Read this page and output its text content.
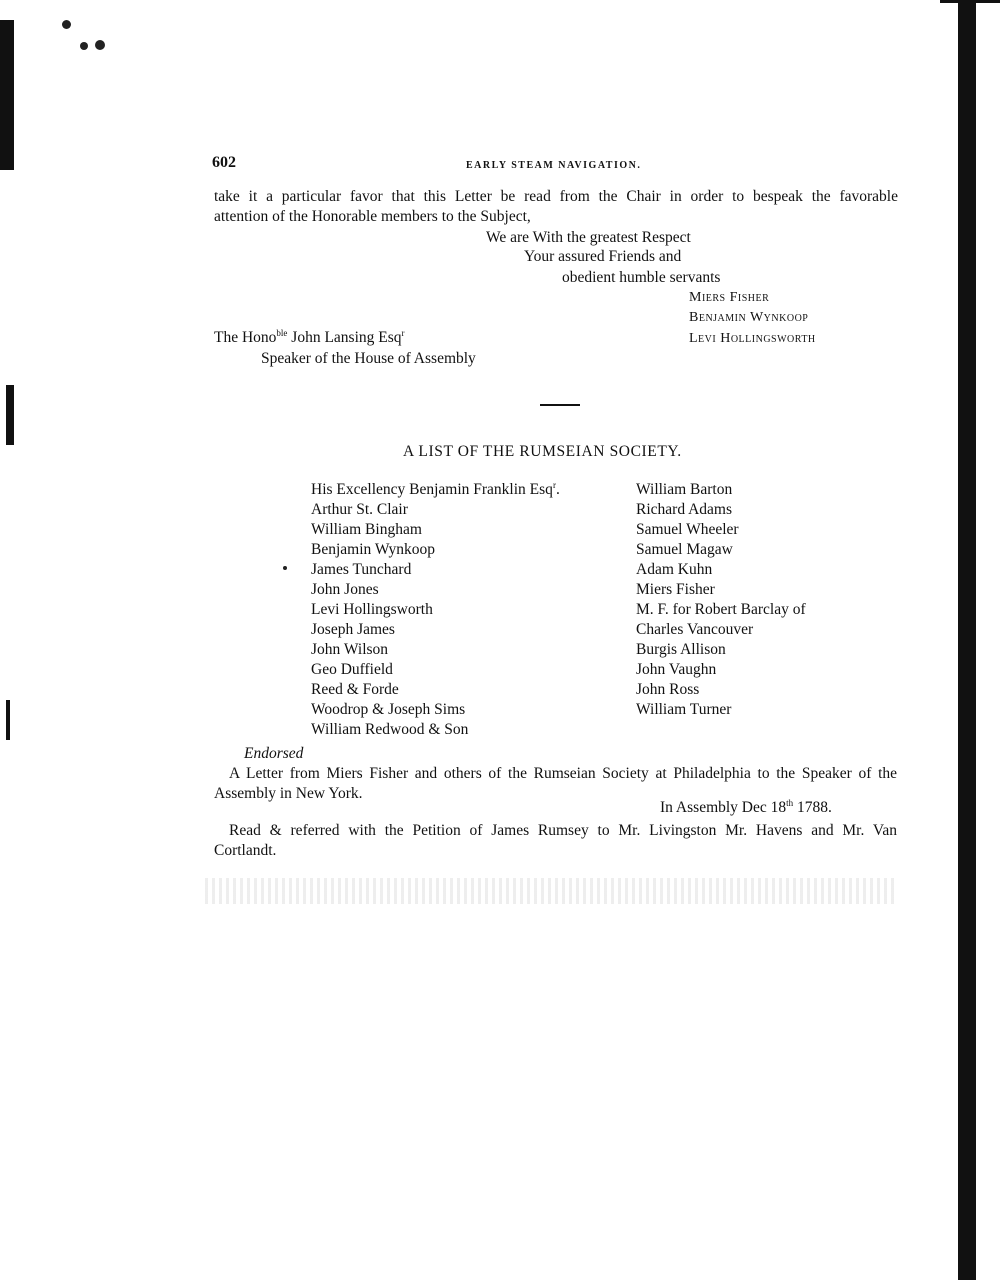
602	EARLY STEAM NAVIGATION.
take it a particular favor that this Letter be read from the Chair in order to bespeak the favorable
attention of the Honorable members to the Subject,
We are With the greatest Respect
Your assured Friends and
obedient humble servants
Miers Fisher
Benjamin Wynkoop
Levi Hollingsworth
The Hono$^{ble}$ John Lansing Esq$^r$
Speaker of the House of Assembly
A LIST OF THE RUMSEIAN SOCIETY.
His Excellency Benjamin Franklin Esq$^r$.
Arthur St. Clair
William Bingham
Benjamin Wynkoop
James Tunchard
John Jones
Levi Hollingsworth
Joseph James
John Wilson
Geo Duffield
Reed & Forde
Woodrop & Joseph Sims
William Redwood & Son
William Barton
Richard Adams
Samuel Wheeler
Samuel Magaw
Adam Kuhn
Miers Fisher
M. F. for Robert Barclay of
Charles Vancouver
Burgis Allison
John Vaughn
John Ross
William Turner
Endorsed
A Letter from Miers Fisher and others of the Rumseian Society at Philadelphia to the Speaker of the
Assembly in New York.
In Assembly Dec 18th 1788.
Read & referred with the Petition of James Rumsey to Mr. Livingston Mr. Havens and Mr. Van
Cortlandt.
